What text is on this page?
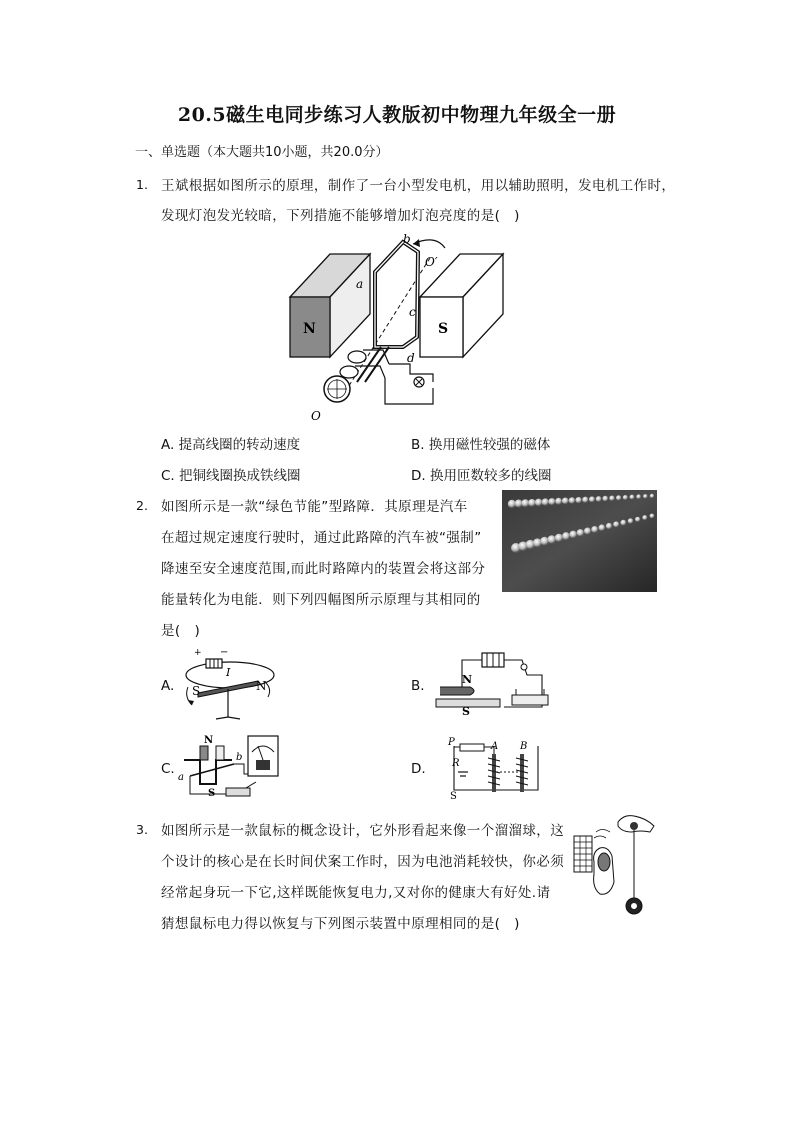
20.5磁生电同步练习人教版初中物理九年级全一册
一、单选题（本大题共10小题，共20.0分）
1. 王斌根据如图所示的原理，制作了一台小型发电机，用以辅助照明，发电机工作时，
发现灯泡发光较暗，下列措施不能够增加灯泡亮度的是(　)
b
O′
a
N	S
c
d
O
A. 提高线圈的转动速度	B. 换用磁性较强的磁体
C. 把铜线圈换成铁线圈	D. 换用匝数较多的线圈
2. 如图所示是一款“绿色节能”型路障．其原理是汽车
在超过规定速度行驶时，通过此路障的汽车被“强制”
降速至安全速度范围,而此时路障内的装置会将这部分
能量转化为电能．则下列四幅图所示原理与其相同的
是(　)
A.
+ −
I
S	N	B.	N
S
C.
N
S
a
b
D.
P
R
S
A B
3. 如图所示是一款鼠标的概念设计，它外形看起来像一个溜溜球，这
个设计的核心是在长时间伏案工作时，因为电池消耗较快，你必须
经常起身玩一下它,这样既能恢复电力,又对你的健康大有好处.请
猜想鼠标电力得以恢复与下列图示装置中原理相同的是(　)
